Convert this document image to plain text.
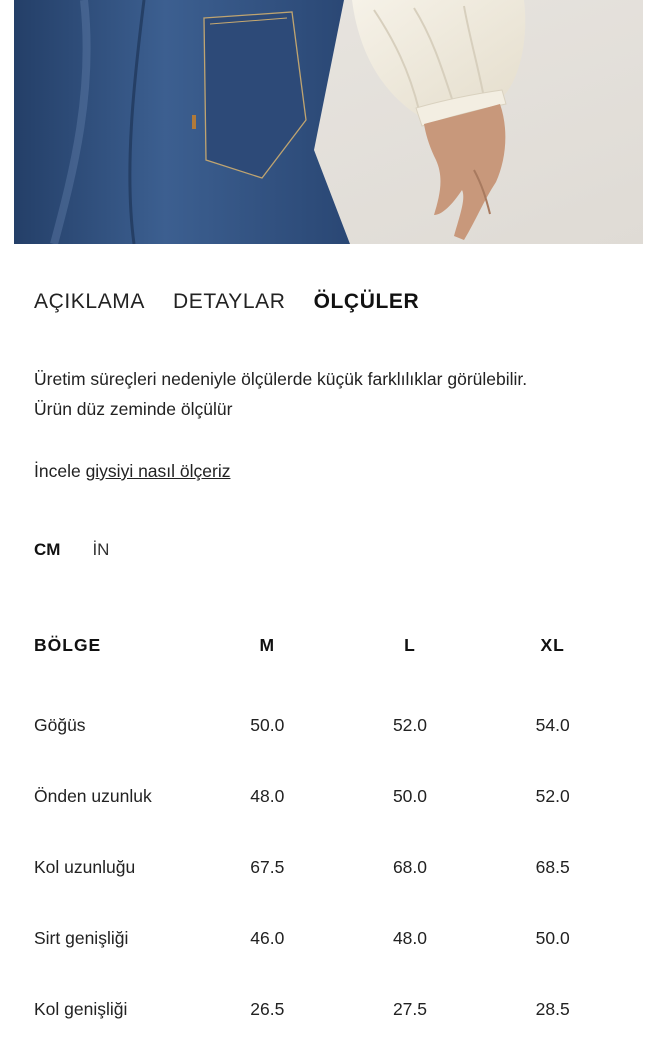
AÇIKLAMA DETAYLAR ÖLÇÜLER
Üretim süreçleri nedeniyle ölçülerde küçük farklılıklar görülebilir.
Ürün düz zeminde ölçülür
İncele giysiyi nasıl ölçeriz
CM İN
BÖLGE	M	L	XL
Göğüs	50.0	52.0	54.0
Önden uzunluk	48.0	50.0	52.0
Kol uzunluğu	67.5	68.0	68.5
Sirt genişliği	46.0	48.0	50.0
Kol genişliği	26.5	27.5	28.5
